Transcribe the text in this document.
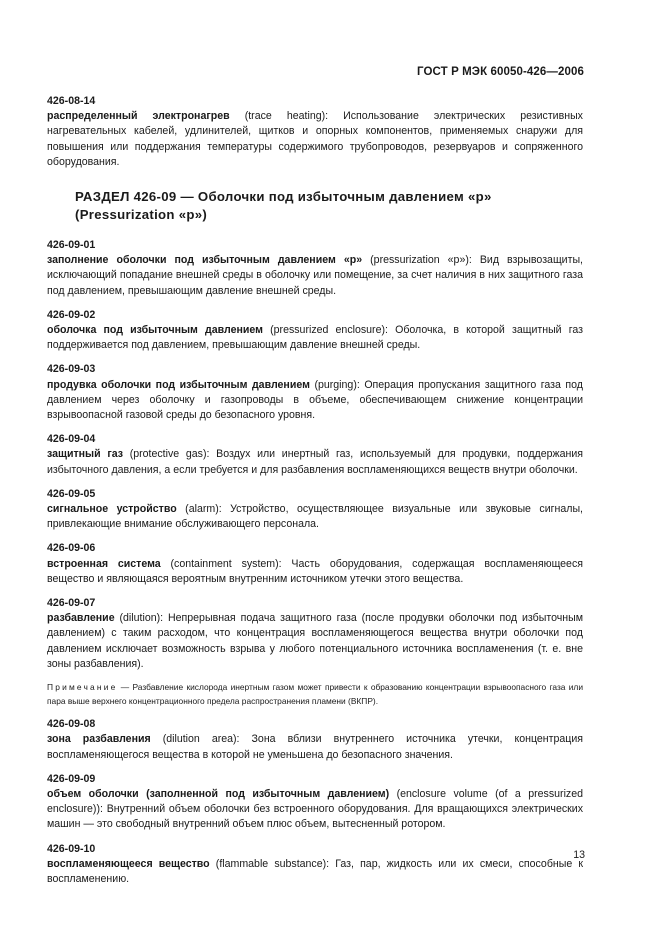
ГОСТ Р МЭК 60050-426—2006
426-08-14
распределенный электронагрев (trace heating): Использование электрических резистивных нагревательных кабелей, удлинителей, щитков и опорных компонентов, применяемых снаружи для повышения или поддержания температуры содержимого трубопроводов, резервуаров и сопряженного оборудования.
РАЗДЕЛ 426-09 — Оболочки под избыточным давлением «р» (Pressurization «p»)
426-09-01
заполнение оболочки под избыточным давлением «р» (pressurization «p»): Вид взрывозащиты, исключающий попадание внешней среды в оболочку или помещение, за счет наличия в них защитного газа под давлением, превышающим давление внешней среды.
426-09-02
оболочка под избыточным давлением (pressurized enclosure): Оболочка, в которой защитный газ поддерживается под давлением, превышающим давление внешней среды.
426-09-03
продувка оболочки под избыточным давлением (purging): Операция пропускания защитного газа под давлением через оболочку и газопроводы в объеме, обеспечивающем снижение концентрации взрывоопасной газовой среды до безопасного уровня.
426-09-04
защитный газ (protective gas): Воздух или инертный газ, используемый для продувки, поддержания избыточного давления, а если требуется и для разбавления воспламеняющихся веществ внутри оболочки.
426-09-05
сигнальное устройство (alarm): Устройство, осуществляющее визуальные или звуковые сигналы, привлекающие внимание обслуживающего персонала.
426-09-06
встроенная система (containment system): Часть оборудования, содержащая воспламеняющееся вещество и являющаяся вероятным внутренним источником утечки этого вещества.
426-09-07
разбавление (dilution): Непрерывная подача защитного газа (после продувки оболочки под избыточным давлением) с таким расходом, что концентрация воспламеняющегося вещества внутри оболочки под давлением исключает возможность взрыва у любого потенциального источника воспламенения (т. е. вне зоны разбавления).
Примечание — Разбавление кислорода инертным газом может привести к образованию концентрации взрывоопасного газа или пара выше верхнего концентрационного предела распространения пламени (ВКПР).
426-09-08
зона разбавления (dilution area): Зона вблизи внутреннего источника утечки, концентрация воспламеняющегося вещества в которой не уменьшена до безопасного значения.
426-09-09
объем оболочки (заполненной под избыточным давлением) (enclosure volume (of a pressurized enclosure)): Внутренний объем оболочки без встроенного оборудования. Для вращающихся электрических машин — это свободный внутренний объем плюс объем, вытесненный ротором.
426-09-10
воспламеняющееся вещество (flammable substance): Газ, пар, жидкость или их смеси, способные к воспламенению.
13
